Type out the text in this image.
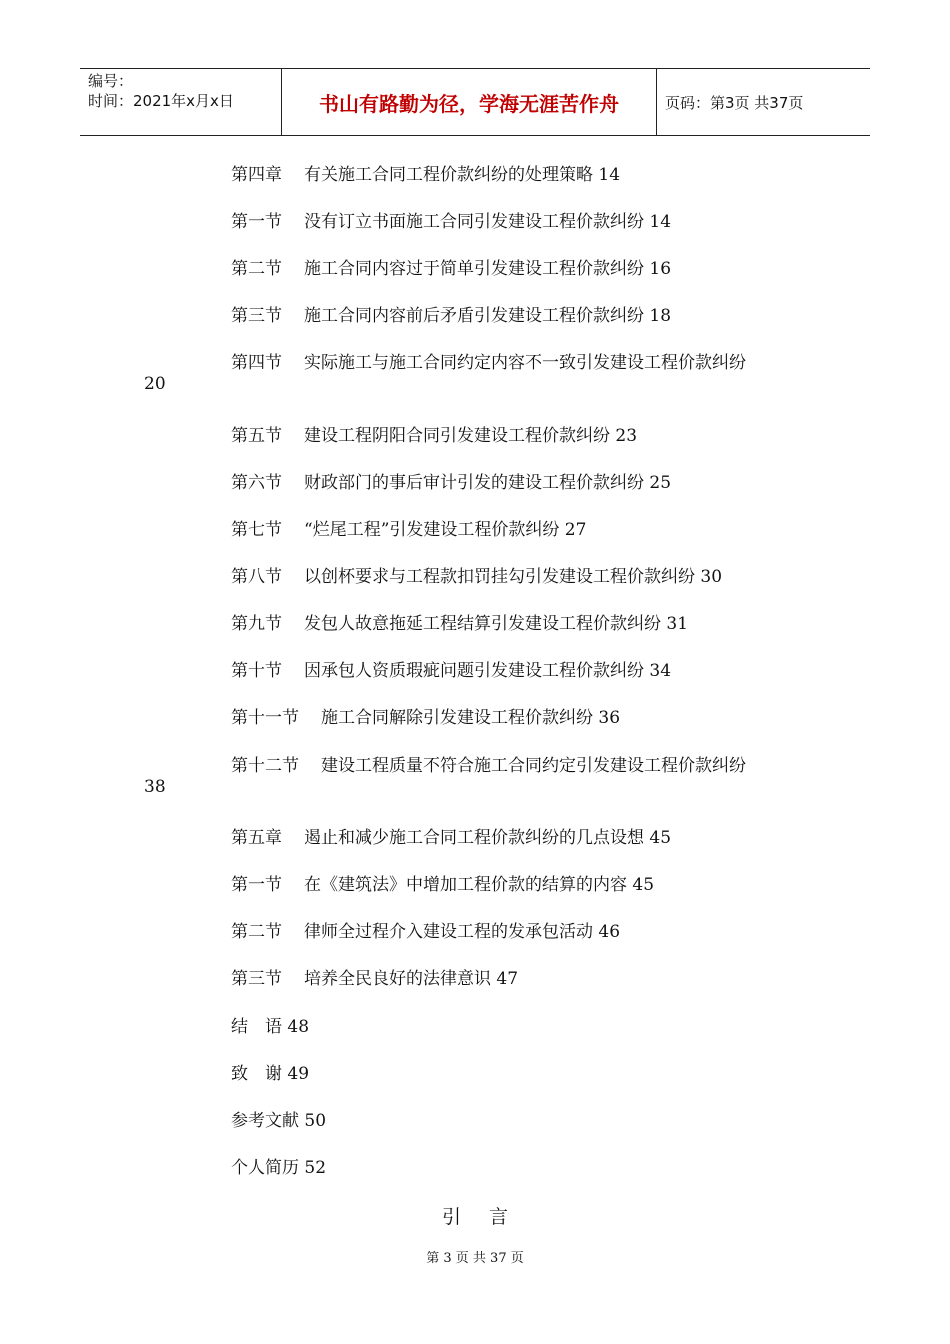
编号：
时间：2021年x月x日	书山有路勤为径，学海无涯苦作舟	页码：第3页 共37页
第四章 有关施工合同工程价款纠纷的处理策略 14
第一节 没有订立书面施工合同引发建设工程价款纠纷 14
第二节 施工合同内容过于简单引发建设工程价款纠纷 16
第三节 施工合同内容前后矛盾引发建设工程价款纠纷 18
第四节 实际施工与施工合同约定内容不一致引发建设工程价款纠纷
20
第五节 建设工程阴阳合同引发建设工程价款纠纷 23
第六节 财政部门的事后审计引发的建设工程价款纠纷 25
第七节 “烂尾工程”引发建设工程价款纠纷 27
第八节 以创杯要求与工程款扣罚挂勾引发建设工程价款纠纷 30
第九节 发包人故意拖延工程结算引发建设工程价款纠纷 31
第十节 因承包人资质瑕疵问题引发建设工程价款纠纷 34
第十一节 施工合同解除引发建设工程价款纠纷 36
第十二节 建设工程质量不符合施工合同约定引发建设工程价款纠纷
38
第五章 遏止和减少施工合同工程价款纠纷的几点设想 45
第一节 在《建筑法》中增加工程价款的结算的内容 45
第二节 律师全过程介入建设工程的发承包活动 46
第三节 培养全民良好的法律意识 47
结　语 48
致　谢 49
参考文献 50
个人简历 52
引言
第 3 页 共 37 页
